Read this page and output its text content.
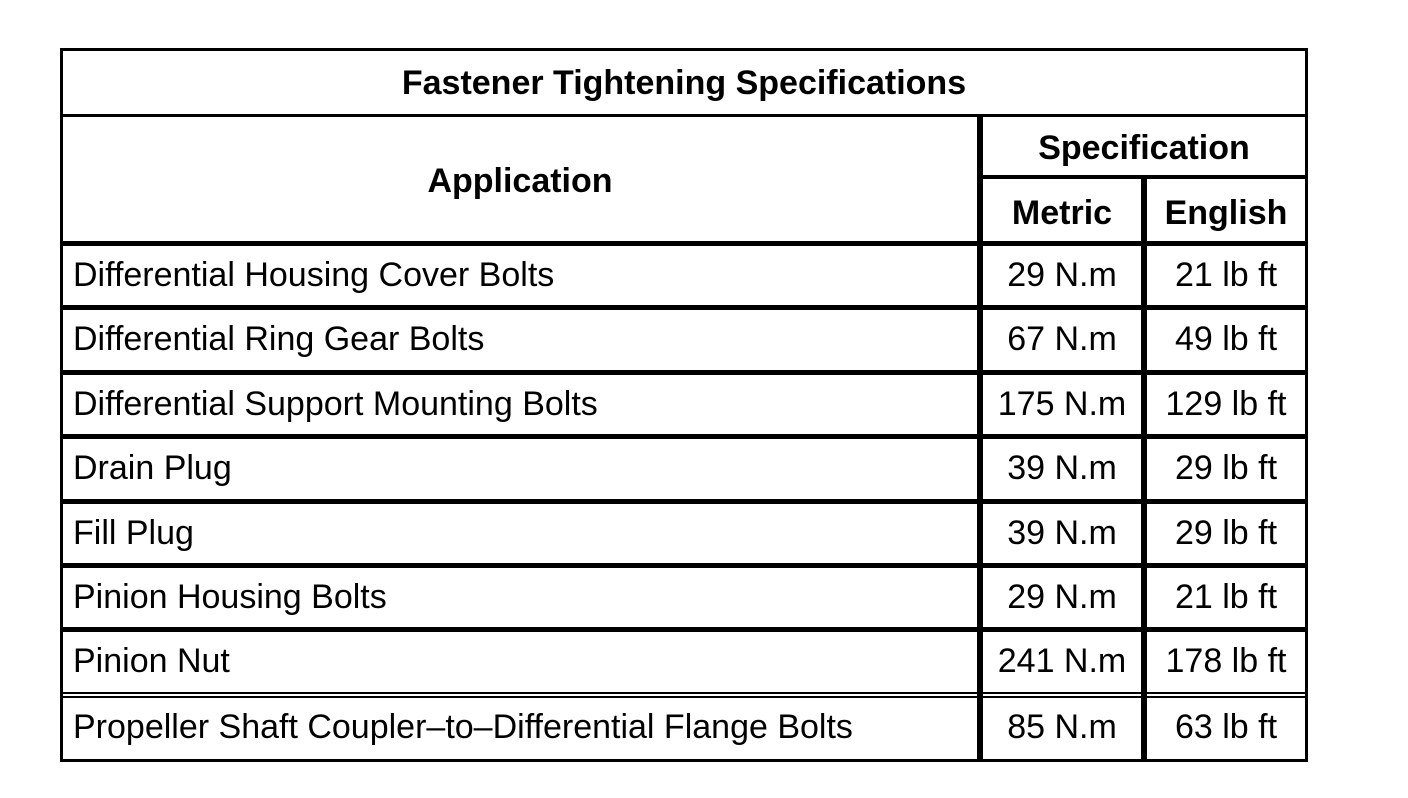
Fastener Tightening Specifications
Application
Specification
Metric	English
Differential Housing Cover Bolts	29 N.m	21 lb ft
Differential Ring Gear Bolts	67 N.m	49 lb ft
Differential Support Mounting Bolts	175 N.m	129 lb ft
Drain Plug	39 N.m	29 lb ft
Fill Plug	39 N.m	29 lb ft
Pinion Housing Bolts	29 N.m	21 lb ft
Pinion Nut	241 N.m	178 lb ft
Propeller Shaft Coupler–to–Differential Flange Bolts	85 N.m	63 lb ft
